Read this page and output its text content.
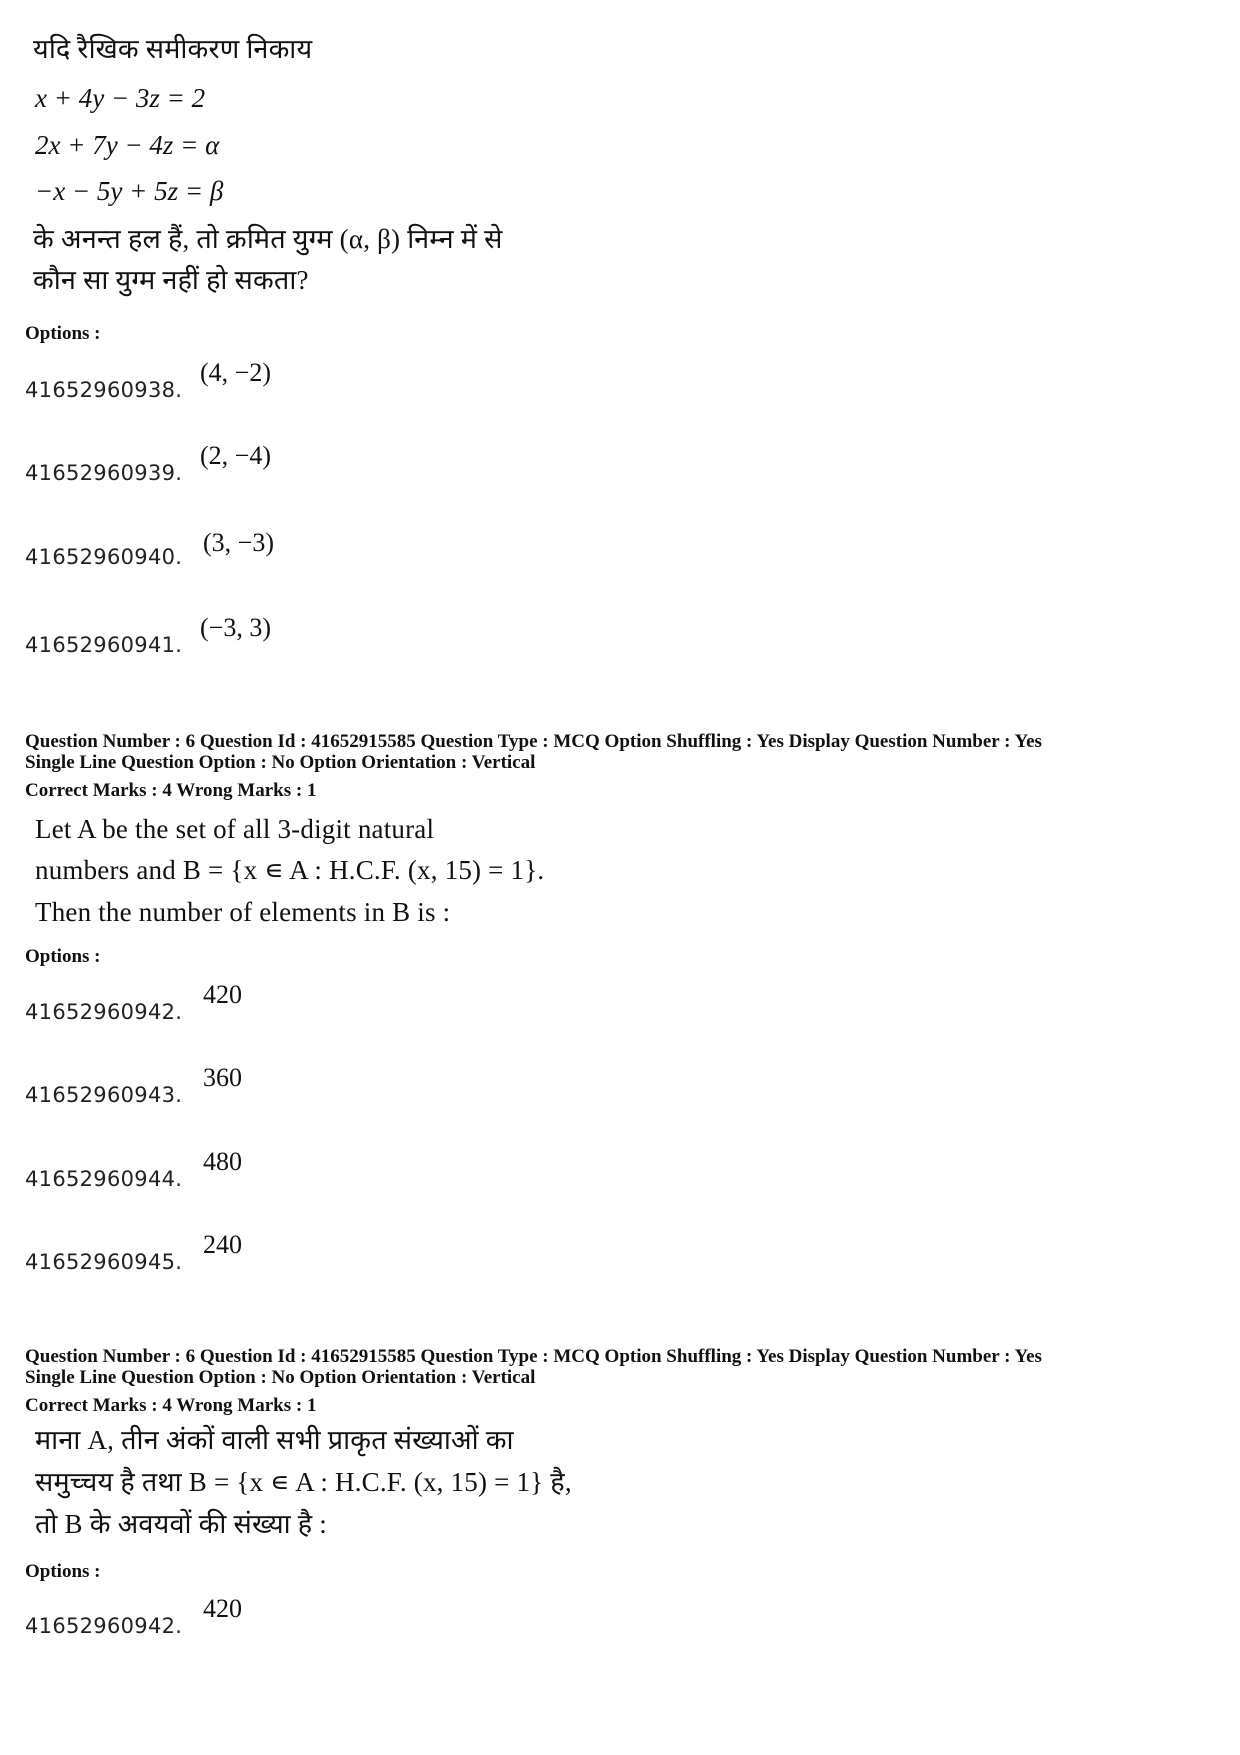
यदि रैखिक समीकरण निकाय
x + 4y − 3z = 2
2x + 7y − 4z = α
−x − 5y + 5z = β
के अनन्त हल हैं, तो क्रमित युग्म (α, β) निम्न में से
कौन सा युग्म नहीं हो सकता?
Options :
41652960938.
(4, −2)
41652960939.
(2, −4)
41652960940. (3, −3)
41652960941.
(−3, 3)
Question Number : 6 Question Id : 41652915585 Question Type : MCQ Option Shuffling : Yes Display Question Number : Yes
Single Line Question Option : No Option Orientation : Vertical
Correct Marks : 4 Wrong Marks : 1
Let A be the set of all 3-digit natural
numbers and B = {x ∊ A : H.C.F. (x, 15) = 1}.
Then the number of elements in B is :
Options :
41652960942.
420
41652960943.
360
41652960944.
480
41652960945.
240
Question Number : 6 Question Id : 41652915585 Question Type : MCQ Option Shuffling : Yes Display Question Number : Yes
Single Line Question Option : No Option Orientation : Vertical
Correct Marks : 4 Wrong Marks : 1
माना A, तीन अंकों वाली सभी प्राकृत संख्याओं का
समुच्चय है तथा B = {x ∊ A : H.C.F. (x, 15) = 1} है,
तो B के अवयवों की संख्या है :
Options :
41652960942.
420
